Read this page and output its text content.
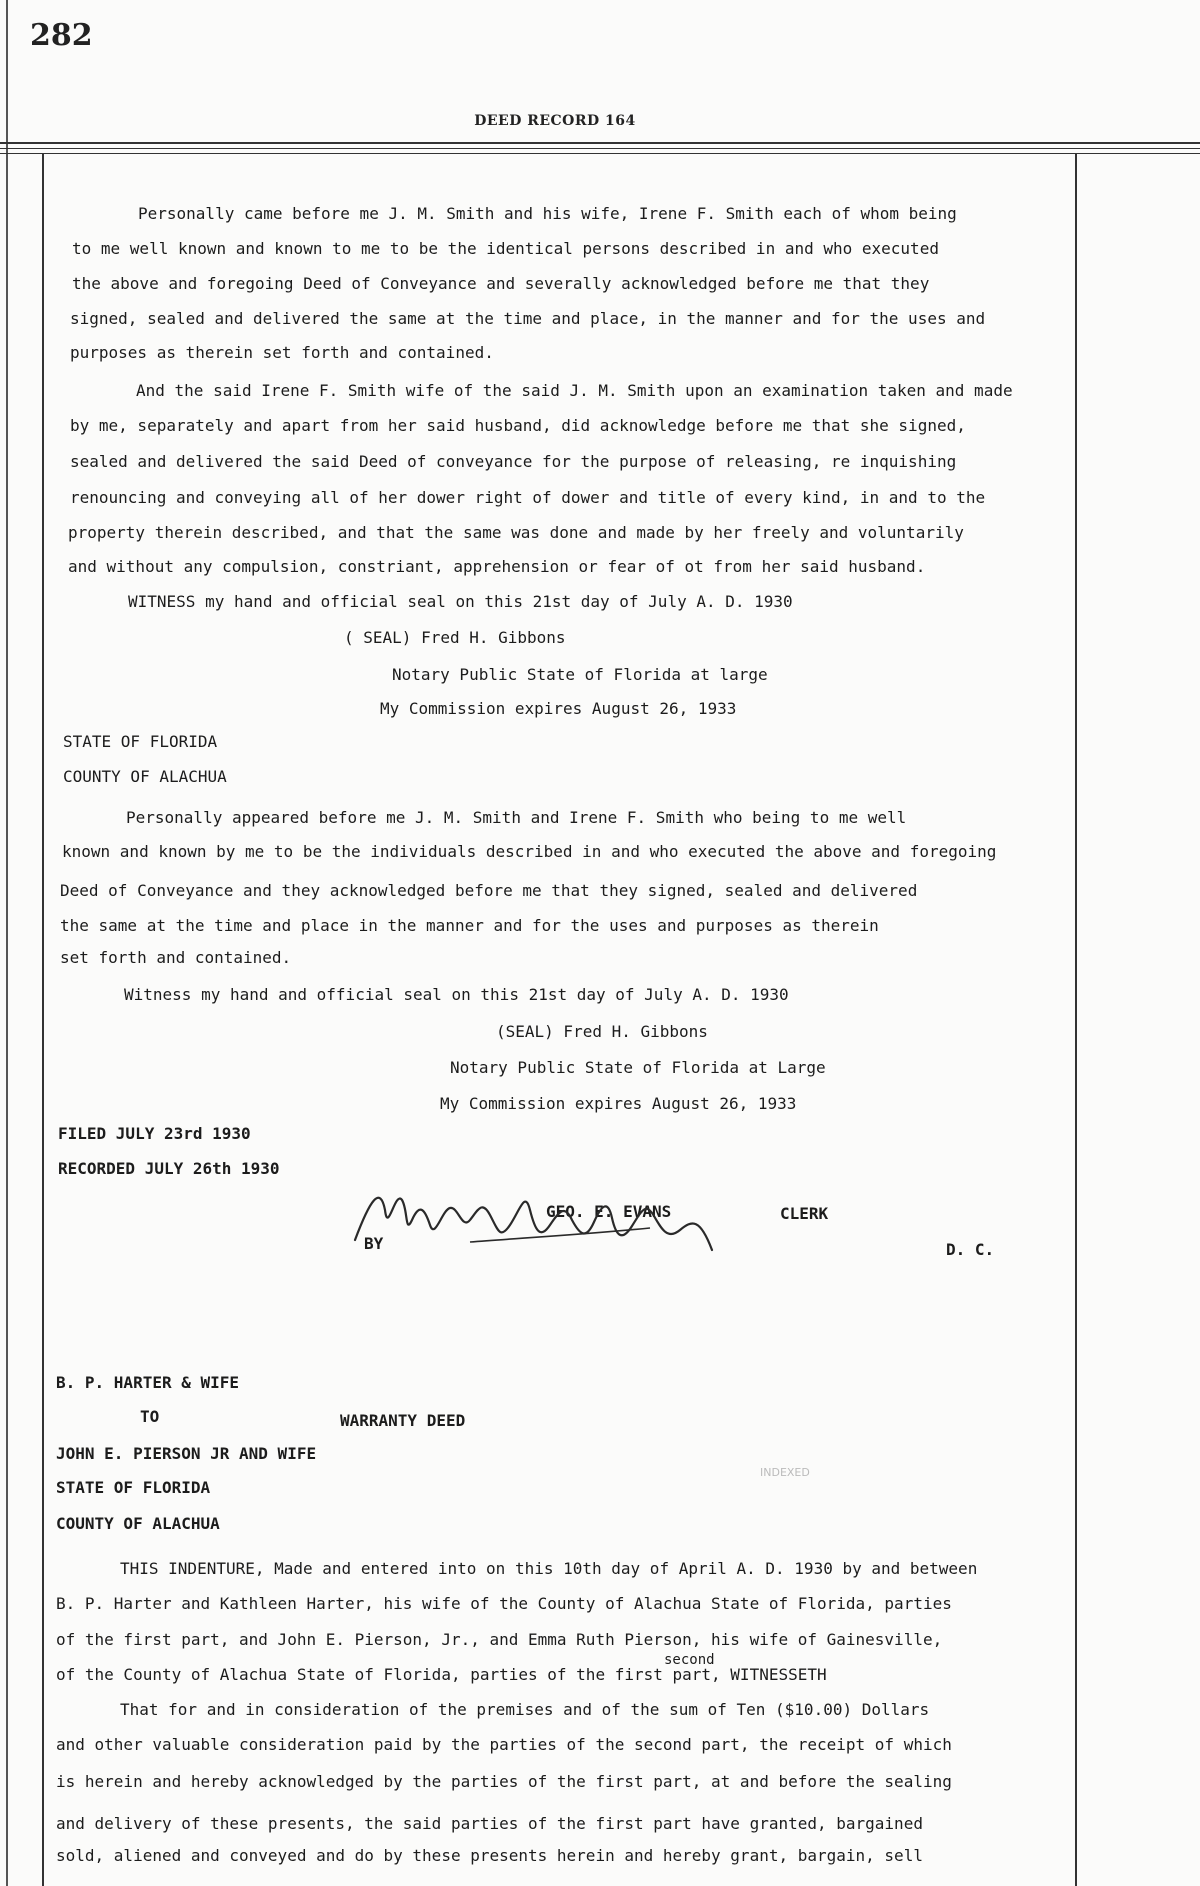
282
DEED RECORD 164
Personally came before me J. M. Smith and his wife, Irene F. Smith each of whom being
to me well known and known to me to be the identical persons described in and who executed
the above and foregoing Deed of Conveyance and severally acknowledged before me that they
signed, sealed and delivered the same at the time and place, in the manner and for the uses and
purposes as therein set forth and contained.
And the said Irene F. Smith wife of the said J. M. Smith upon an examination taken and made
by me, separately and apart from her said husband, did acknowledge before me that she signed,
sealed and delivered the said Deed of conveyance for the purpose of releasing, re inquishing
renouncing and conveying all of her dower right of dower and title of every kind, in and to the
property therein described, and that the same was done and made by her freely and voluntarily
and without any compulsion, constriant, apprehension or fear of ot from her said husband.
WITNESS my hand and official seal on this 21st day of July A. D. 1930
( SEAL) Fred H. Gibbons
Notary Public State of Florida at large
My Commission expires August 26, 1933
STATE OF FLORIDA
COUNTY OF ALACHUA
Personally appeared before me J. M. Smith and Irene F. Smith who being to me well
known and known by me to be the individuals described in and who executed the above and foregoing
Deed of Conveyance and they acknowledged before me that they signed, sealed and delivered
the same at the time and place in the manner and for the uses and purposes as therein
set forth and contained.
Witness my hand and official seal on this 21st day of July A. D. 1930
(SEAL) Fred H. Gibbons
Notary Public State of Florida at Large
My Commission expires August 26, 1933
FILED JULY 23rd 1930
RECORDED JULY 26th 1930
GEO. E. EVANS	CLERK
BY	D. C.
B. P. HARTER & WIFE
TO	WARRANTY DEED
JOHN E. PIERSON JR AND WIFE
STATE OF FLORIDA
COUNTY OF ALACHUA
INDEXED
THIS INDENTURE, Made and entered into on this 10th day of April A. D. 1930 by and between
B. P. Harter and Kathleen Harter, his wife of the County of Alachua State of Florida, parties
of the first part, and John E. Pierson, Jr., and Emma Ruth Pierson, his wife of Gainesville,
second
of the County of Alachua State of Florida, parties of the first part, WITNESSETH
That for and in consideration of the premises and of the sum of Ten ($10.00) Dollars
and other valuable consideration paid by the parties of the second part, the receipt of which
is herein and hereby acknowledged by the parties of the first part, at and before the sealing
and delivery of these presents, the said parties of the first part have granted, bargained
sold, aliened and conveyed and do by these presents herein and hereby grant, bargain, sell
